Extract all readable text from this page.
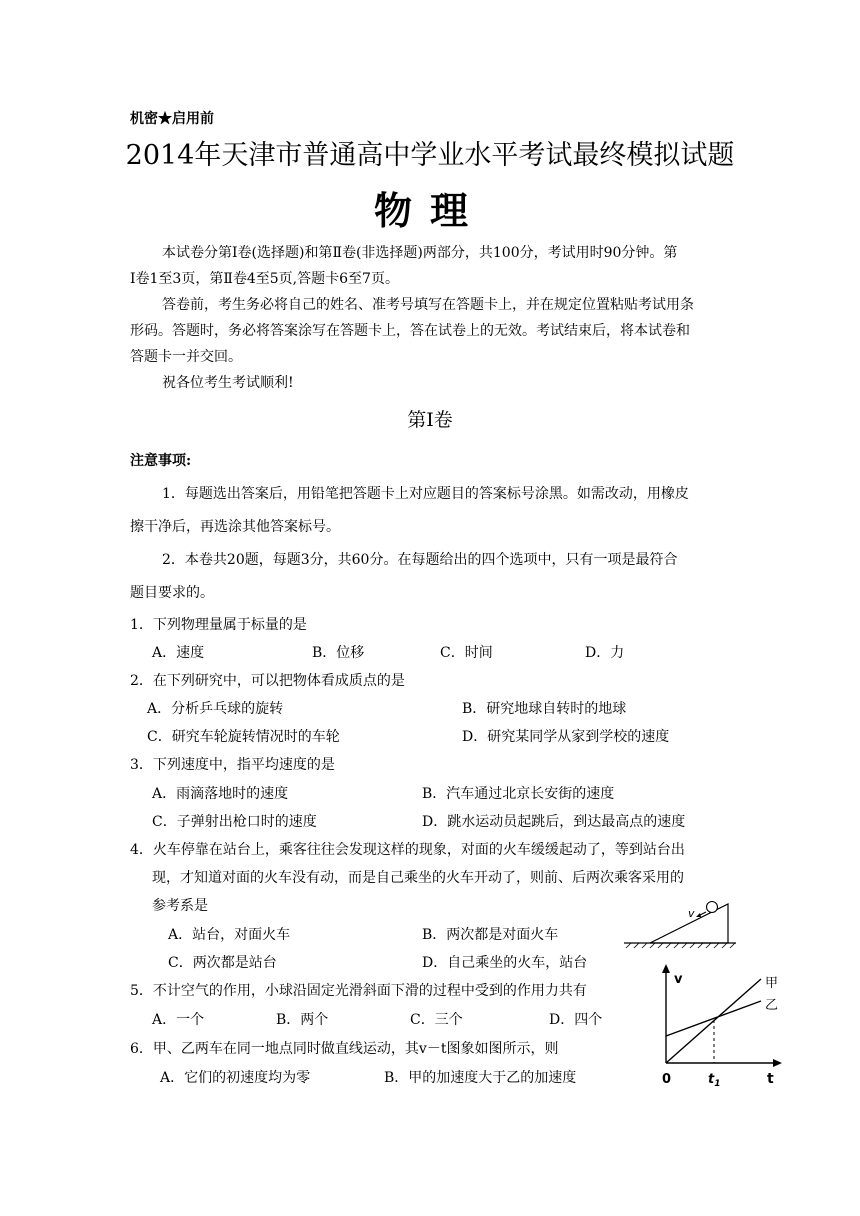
机密★启用前
2014年天津市普通高中学业水平考试最终模拟试题
物理
本试卷分第Ⅰ卷(选择题)和第Ⅱ卷(非选择题)两部分，共100分，考试用时90分钟。第
Ⅰ卷1至3页，第Ⅱ卷4至5页,答题卡6至7页。
答卷前，考生务必将自己的姓名、准考号填写在答题卡上，并在规定位置粘贴考试用条
形码。答题时，务必将答案涂写在答题卡上，答在试卷上的无效。考试结束后，将本试卷和
答题卡一并交回。
祝各位考生考试顺利!
第Ⅰ卷
注意事项:
1．每题选出答案后，用铅笔把答题卡上对应题目的答案标号涂黑。如需改动，用橡皮
擦干净后，再选涂其他答案标号。
2．本卷共20题，每题3分，共60分。在每题给出的四个选项中，只有一项是最符合
题目要求的。
1．下列物理量属于标量的是
A．速度	B．位移	C．时间	D．力
2．在下列研究中，可以把物体看成质点的是
A．分析乒乓球的旋转	B．研究地球自转时的地球
C．研究车轮旋转情况时的车轮	D．研究某同学从家到学校的速度
3．下列速度中，指平均速度的是
A．雨滴落地时的速度	B．汽车通过北京长安街的速度
C．子弹射出枪口时的速度	D．跳水运动员起跳后，到达最高点的速度
4．火车停靠在站台上，乘客往往会发现这样的现象，对面的火车缓缓起动了，等到站台出
现，才知道对面的火车没有动，而是自己乘坐的火车开动了，则前、后两次乘客采用的
参考系是
A．站台，对面火车	B．两次都是对面火车
C．两次都是站台	D．自己乘坐的火车，站台
5．不计空气的作用，小球沿固定光滑斜面下滑的过程中受到的作用力共有
A．一个	B．两个	C．三个	D．四个
6．甲、乙两车在同一地点同时做直线运动，其v－t图象如图所示，则
A．它们的初速度均为零	B．甲的加速度大于乙的加速度
v
v
t
0	$t_1$
甲
乙
